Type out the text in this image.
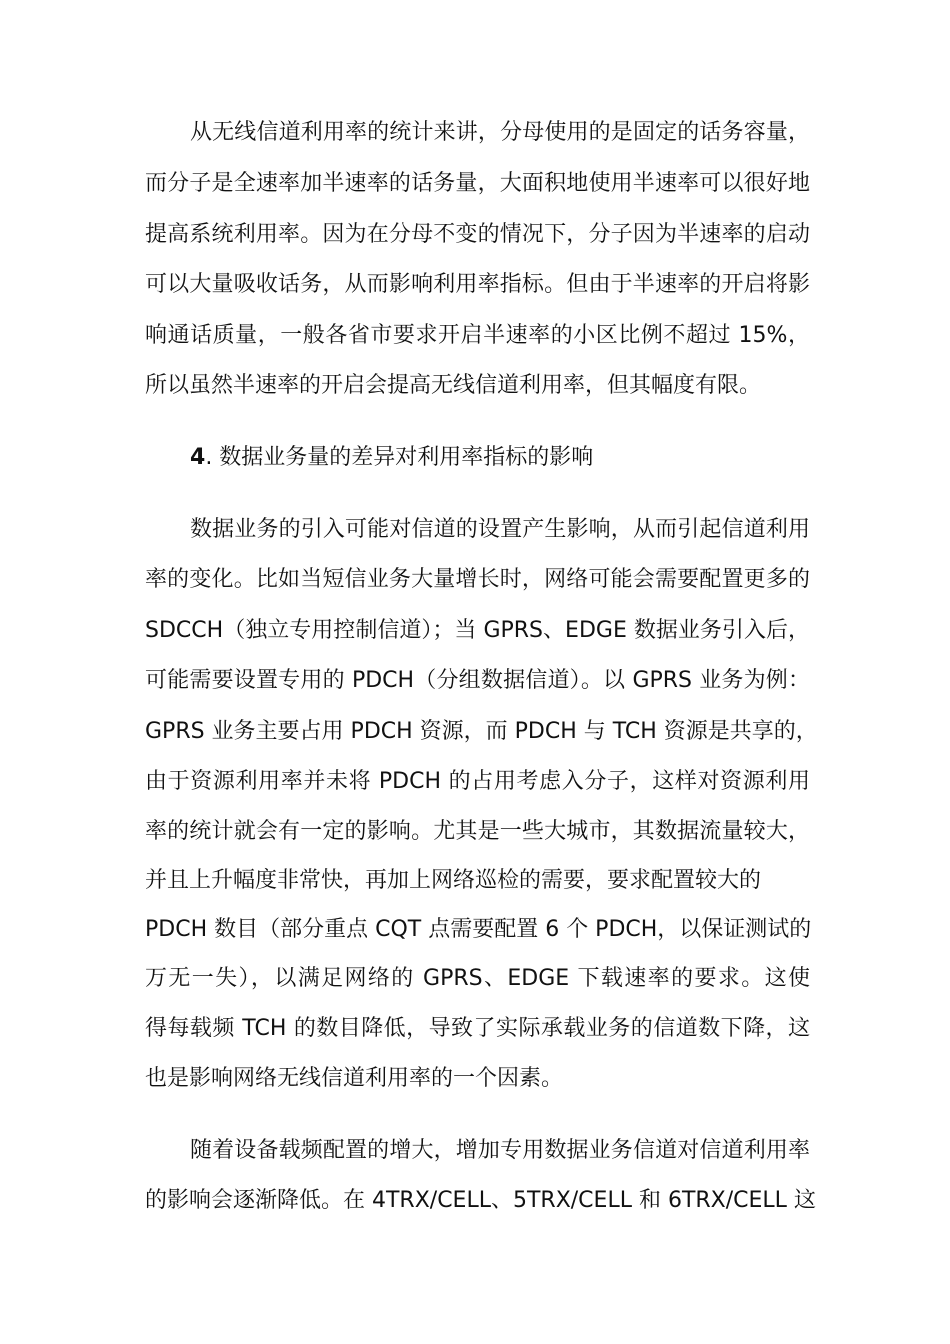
从无线信道利用率的统计来讲，分母使用的是固定的话务容量，
而分子是全速率加半速率的话务量，大面积地使用半速率可以很好地
提高系统利用率。因为在分母不变的情况下，分子因为半速率的启动
可以大量吸收话务，从而影响利用率指标。但由于半速率的开启将影
响通话质量，一般各省市要求开启半速率的小区比例不超过 15%，
所以虽然半速率的开启会提高无线信道利用率，但其幅度有限。
4. 数据业务量的差异对利用率指标的影响
数据业务的引入可能对信道的设置产生影响，从而引起信道利用
率的变化。比如当短信业务大量增长时，网络可能会需要配置更多的
SDCCH（独立专用控制信道）；当 GPRS、EDGE 数据业务引入后，
可能需要设置专用的 PDCH（分组数据信道）。以 GPRS 业务为例：
GPRS 业务主要占用 PDCH 资源，而 PDCH 与 TCH 资源是共享的，
由于资源利用率并未将 PDCH 的占用考虑入分子，这样对资源利用
率的统计就会有一定的影响。尤其是一些大城市，其数据流量较大，
并且上升幅度非常快，再加上网络巡检的需要，要求配置较大的
PDCH 数目（部分重点 CQT 点需要配置 6 个 PDCH，以保证测试的
万无一失），以满足网络的 GPRS、EDGE 下载速率的要求。这使
得每载频 TCH 的数目降低，导致了实际承载业务的信道数下降，这
也是影响网络无线信道利用率的一个因素。
随着设备载频配置的增大，增加专用数据业务信道对信道利用率
的影响会逐渐降低。在 4TRX/CELL、5TRX/CELL 和 6TRX/CELL 这
